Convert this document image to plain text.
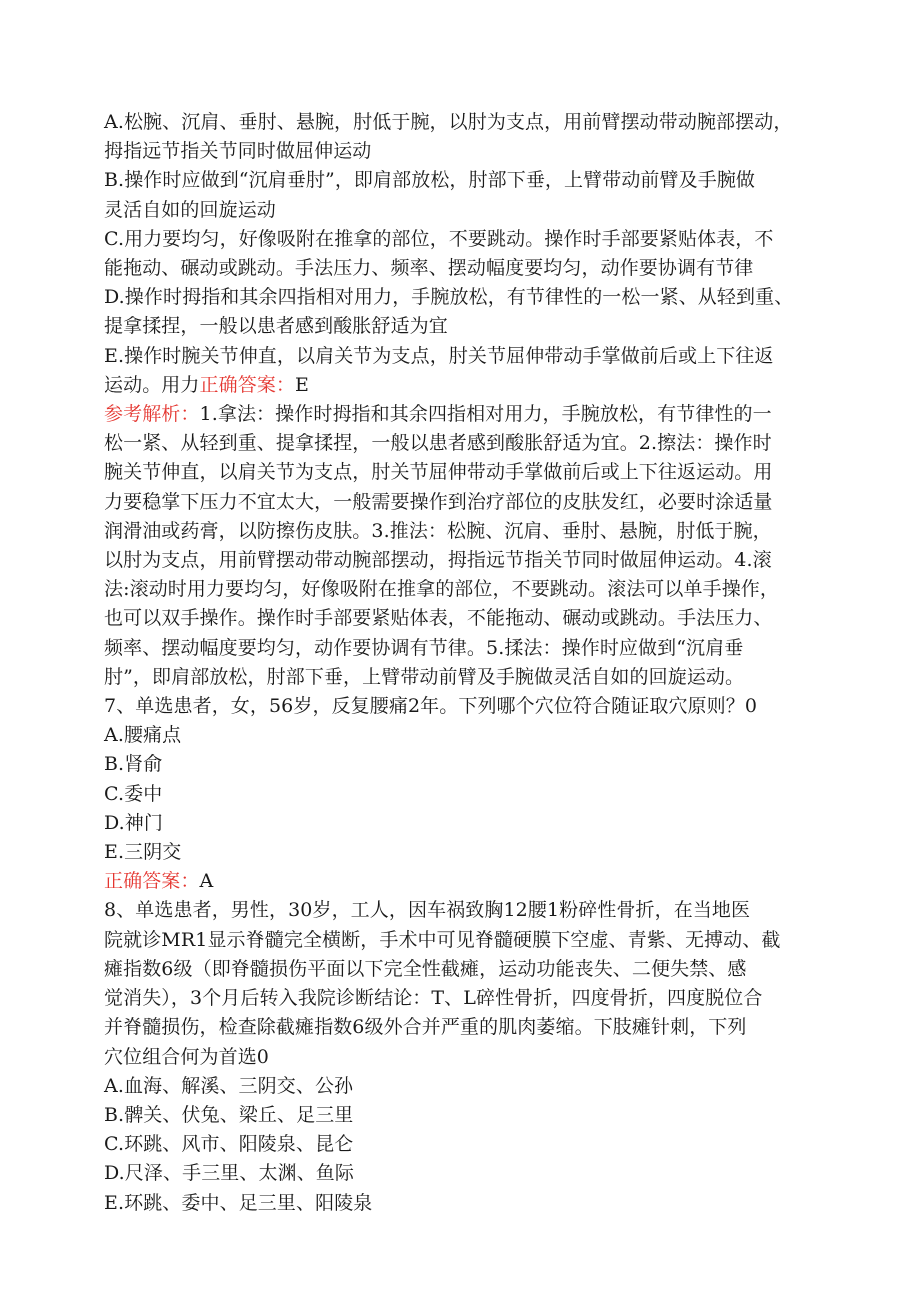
A.松腕、沉肩、垂肘、悬腕，肘低于腕，以肘为支点，用前臂摆动带动腕部摆动，
拇指远节指关节同时做屈伸运动
B.操作时应做到“沉肩垂肘”，即肩部放松，肘部下垂，上臂带动前臂及手腕做
灵活自如的回旋运动
C.用力要均匀，好像吸附在推拿的部位，不要跳动。操作时手部要紧贴体表，不
能拖动、碾动或跳动。手法压力、频率、摆动幅度要均匀，动作要协调有节律
D.操作时拇指和其余四指相对用力，手腕放松，有节律性的一松一紧、从轻到重、
提拿揉捏，一般以患者感到酸胀舒适为宜
E.操作时腕关节伸直，以肩关节为支点，肘关节屈伸带动手掌做前后或上下往返
运动。用力正确答案：E
参考解析：1.拿法：操作时拇指和其余四指相对用力，手腕放松，有节律性的一
松一紧、从轻到重、提拿揉捏，一般以患者感到酸胀舒适为宜。2.擦法：操作时
腕关节伸直，以肩关节为支点，肘关节屈伸带动手掌做前后或上下往返运动。用
力要稳掌下压力不宜太大，一般需要操作到治疗部位的皮肤发红，必要时涂适量
润滑油或药膏，以防擦伤皮肤。3.推法：松腕、沉肩、垂肘、悬腕，肘低于腕，
以肘为支点，用前臂摆动带动腕部摆动，拇指远节指关节同时做屈伸运动。4.滚
法:滚动时用力要均匀，好像吸附在推拿的部位，不要跳动。滚法可以单手操作，
也可以双手操作。操作时手部要紧贴体表，不能拖动、碾动或跳动。手法压力、
频率、摆动幅度要均匀，动作要协调有节律。5.揉法：操作时应做到“沉肩垂
肘”，即肩部放松，肘部下垂，上臂带动前臂及手腕做灵活自如的回旋运动。
7、单选患者，女，56岁，反复腰痛2年。下列哪个穴位符合随证取穴原则？0
A.腰痛点
B.肾俞
C.委中
D.神门
E.三阴交
正确答案：A
8、单选患者，男性，30岁，工人，因车祸致胸12腰1粉碎性骨折，在当地医
院就诊MR1显示脊髓完全横断，手术中可见脊髓硬膜下空虚、青紫、无搏动、截
瘫指数6级（即脊髓损伤平面以下完全性截瘫，运动功能丧失、二便失禁、感
觉消失），3个月后转入我院诊断结论：T、L碎性骨折，四度骨折，四度脱位合
并脊髓损伤，检查除截瘫指数6级外合并严重的肌肉萎缩。下肢瘫针刺，下列
穴位组合何为首选0
A.血海、解溪、三阴交、公孙
B.髀关、伏兔、梁丘、足三里
C.环跳、风市、阳陵泉、昆仑
D.尺泽、手三里、太渊、鱼际
E.环跳、委中、足三里、阳陵泉
